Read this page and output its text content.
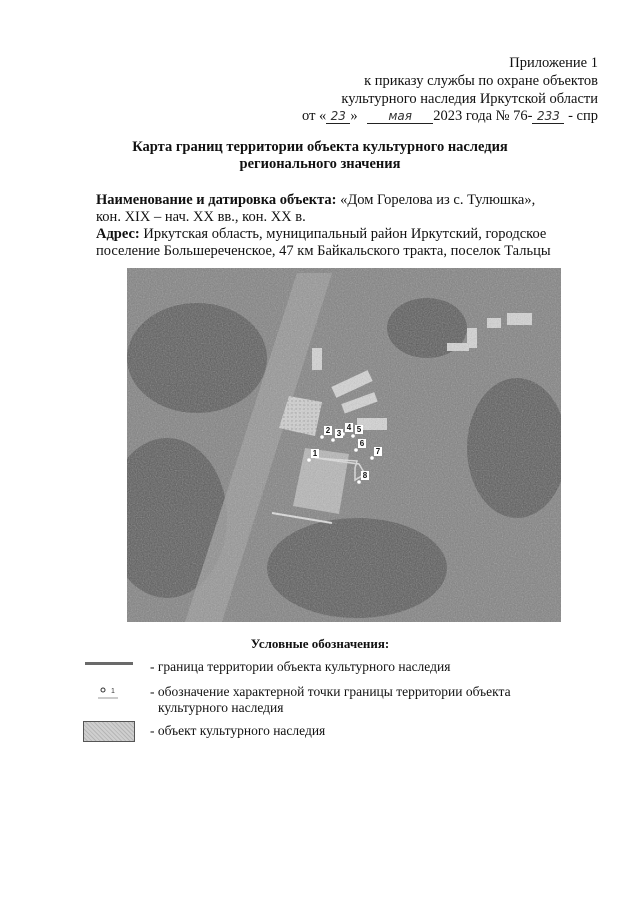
Приложение 1
к приказу службы по охране объектов
культурного наследия Иркутской области
от « 23 »	мая 2023 года № 76- 233 - спр
Карта границ территории объекта культурного наследия
регионального значения
Наименование и датировка объекта: «Дом Горелова из с. Тулюшка»,
кон. XIX – нач. XX вв., кон. XX в.
Адрес: Иркутская область, муниципальный район Иркутский, городское
поселение Большереченское, 47 км Байкальского тракта, поселок Тальцы
1
2 3
4 5
6
7
8
Условные обозначения:
- граница территории объекта культурного наследия
1	- обозначение характерной точки границы территории объекта
культурного наследия
- объект культурного наследия
